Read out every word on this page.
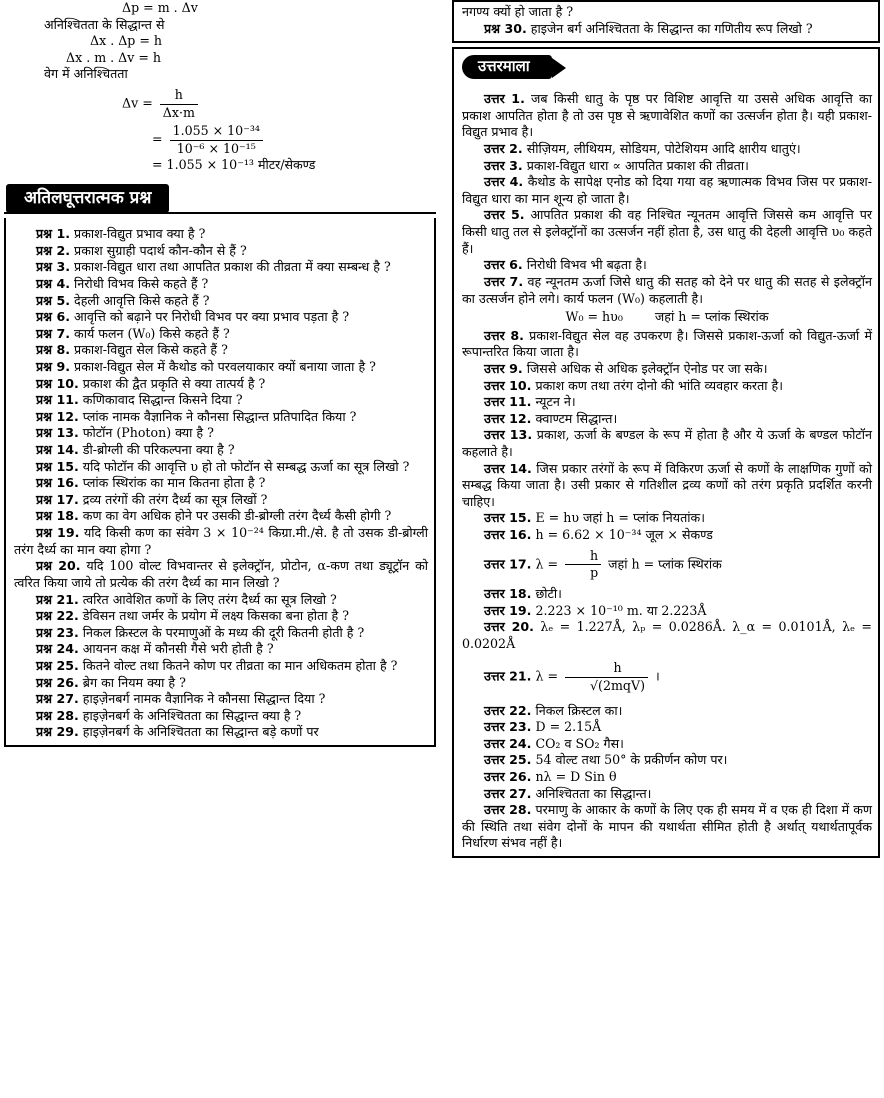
Δp = m . Δv

अनिश्चितता के सिद्धान्त से

Δx . Δp = h

Δx . m . Δv = h

वेग में अनिश्चितता

$\Delta v = \frac{h}{\Delta x\cdot m}$
= $\frac{\text{1.055 × 10⁻³⁴}}{\text{10⁻⁶ × 10⁻¹⁵}}$

= 1.055 × 10⁻¹³ मीटर/सेकण्ड

अतिलघूत्तरात्मक प्रश्न

प्रश्न 1. प्रकाश-विद्युत प्रभाव क्या है ?

प्रश्न 2. प्रकाश सुग्राही पदार्थ कौन-कौन से हैं ?

प्रश्न 3. प्रकाश-विद्युत धारा तथा आपतित प्रकाश की तीव्रता में क्या सम्बन्ध है ?

प्रश्न 4. निरोधी विभव किसे कहते हैं ?

प्रश्न 5. देहली आवृत्ति किसे कहते हैं ?

प्रश्न 6. आवृत्ति को बढ़ाने पर निरोधी विभव पर क्या प्रभाव पड़ता है ?

प्रश्न 7. कार्य फलन (W₀) किसे कहते हैं ?

प्रश्न 8. प्रकाश-विद्युत सेल किसे कहते हैं ?

प्रश्न 9. प्रकाश-विद्युत सेल में कैथोड को परवलयाकार क्यों बनाया जाता है ?

प्रश्न 10. प्रकाश की द्वैत प्रकृति से क्या तात्पर्य है ?

प्रश्न 11. कणिकावाद सिद्धान्त किसने दिया ?

प्रश्न 12. प्लांक नामक वैज्ञानिक ने कौनसा सिद्धान्त प्रतिपादित किया ?

प्रश्न 13. फोटॉन (Photon) क्या है ?

प्रश्न 14. डी-ब्रोग्ली की परिकल्पना क्या है ?

प्रश्न 15. यदि फोटॉन की आवृत्ति υ हो तो फोटॉन से सम्बद्ध ऊर्जा का सूत्र लिखो ?

प्रश्न 16. प्लांक स्थिरांक का मान कितना होता है ?

प्रश्न 17. द्रव्य तरंगों की तरंग दैर्ध्य का सूत्र लिखों ?

प्रश्न 18. कण का वेग अधिक होने पर उसकी डी-ब्रोग्ली तरंग दैर्ध्य कैसी होगी ?

प्रश्न 19. यदि किसी कण का संवेग 3 × 10⁻²⁴ किग्रा.मी./से. है तो उसक डी-ब्रोग्ली तरंग दैर्ध्य का मान क्या होगा ?

प्रश्न 20. यदि 100 वोल्ट विभवान्तर से इलेक्ट्रॉन, प्रोटोन, α-कण तथा ड्यूट्रॉन को त्वरित किया जाये तो प्रत्येक की तरंग दैर्ध्य का मान लिखो ?

प्रश्न 21. त्वरित आवेशित कणों के लिए तरंग दैर्ध्य का सूत्र लिखो ?

प्रश्न 22. डेविसन तथा जर्मर के प्रयोग में लक्ष्य किसका बना होता है ?

प्रश्न 23. निकल क्रिस्टल के परमाणुओं के मध्य की दूरी कितनी होती है ?

प्रश्न 24. आयनन कक्ष में कौनसी गैसे भरी होती है ?

प्रश्न 25. कितने वोल्ट तथा कितने कोण पर तीव्रता का मान अधिकतम होता है ?

प्रश्न 26. ब्रेग का नियम क्या है ?

प्रश्न 27. हाइज़ेनबर्ग नामक वैज्ञानिक ने कौनसा सिद्धान्त दिया ?

प्रश्न 28. हाइज़ेनबर्ग के अनिश्चितता का सिद्धान्त क्या है ?

प्रश्न 29. हाइज़ेनबर्ग के अनिश्चितता का सिद्धान्त बड़े कणों पर

नगण्य क्यों हो जाता है ?

प्रश्न 30. हाइजेन बर्ग अनिश्चितता के सिद्धान्त का गणितीय रूप लिखो ?

उत्तरमाला

उत्तर 1. जब किसी धातु के पृष्ठ पर विशिष्ट आवृत्ति या उससे अधिक आवृत्ति का प्रकाश आपतित होता है तो उस पृष्ठ से ऋणावेशित कणों का उत्सर्जन होता है। यही प्रकाश-विद्युत प्रभाव है।

उत्तर 2. सीज़ियम, लीथियम, सोडियम, पोटेशियम आदि क्षारीय धातुएं।

उत्तर 3. प्रकाश-विद्युत धारा ∝ आपतित प्रकाश की तीव्रता।

उत्तर 4. कैथोड के सापेक्ष एनोड को दिया गया वह ऋणात्मक विभव जिस पर प्रकाश-विद्युत धारा का मान शून्य हो जाता है।

उत्तर 5. आपतित प्रकाश की वह निश्चित न्यूनतम आवृत्ति जिससे कम आवृत्ति पर किसी धातु तल से इलेक्ट्रॉनों का उत्सर्जन नहीं होता है, उस धातु की देहली आवृत्ति υ₀ कहते हैं।

उत्तर 6. निरोधी विभव भी बढ़ता है।

उत्तर 7. वह न्यूनतम ऊर्जा जिसे धातु की सतह को देने पर धातु की सतह से इलेक्ट्रॉन का उत्सर्जन होने लगे। कार्य फलन (W₀) कहलाती है।

W₀ = hυ₀	जहां h = प्लांक स्थिरांक

उत्तर 8. प्रकाश-विद्युत सेल वह उपकरण है। जिससे प्रकाश-ऊर्जा को विद्युत-ऊर्जा में रूपान्तरित किया जाता है।

उत्तर 9. जिससे अधिक से अधिक इलेक्ट्रॉन ऐनोड पर जा सके।

उत्तर 10. प्रकाश कण तथा तरंग दोनो की भांति व्यवहार करता है।

उत्तर 11. न्यूटन ने।

उत्तर 12. क्वाण्टम सिद्धान्त।

उत्तर 13. प्रकाश, ऊर्जा के बण्डल के रूप में होता है और ये ऊर्जा के बण्डल फोटॉन कहलाते है।

उत्तर 14. जिस प्रकार तरंगों के रूप में विकिरण ऊर्जा से कणों के लाक्षणिक गुणों को सम्बद्ध किया जाता है। उसी प्रकार से गतिशील द्रव्य कणों को तरंग प्रकृति प्रदर्शित करनी चाहिए।

उत्तर 15. E = hυ जहां h = प्लांक नियतांक।

उत्तर 16. h = 6.62 × 10⁻³⁴ जूल × सेकण्ड

उत्तर 17. $\lambda = \frac{h}{p}$ जहां h = प्लांक स्थिरांक

उत्तर 18. छोटी।

उत्तर 19. 2.223 × 10⁻¹⁰ m. या 2.223Å

उत्तर 20. λₑ = 1.227Å, λₚ = 0.0286Å. λ_α = 0.0101Å, λₑ = 0.0202Å

उत्तर 21. $\lambda = \frac{h}{\text{√(2mqV)}}$ ।

उत्तर 22. निकल क्रिस्टल का।

उत्तर 23. D = 2.15Å

उत्तर 24. CO₂ व SO₂ गैस।

उत्तर 25. 54 वोल्ट तथा 50° के प्रकीर्णन कोण पर।

उत्तर 26. nλ = D Sin θ

उत्तर 27. अनिश्चितता का सिद्धान्त।

उत्तर 28. परमाणु के आकार के कणों के लिए एक ही समय में व एक ही दिशा में कण की स्थिति तथा संवेग दोनों के मापन की यथार्थता सीमित होती है अर्थात् यथार्थतापूर्वक निर्धारण संभव नहीं है।
